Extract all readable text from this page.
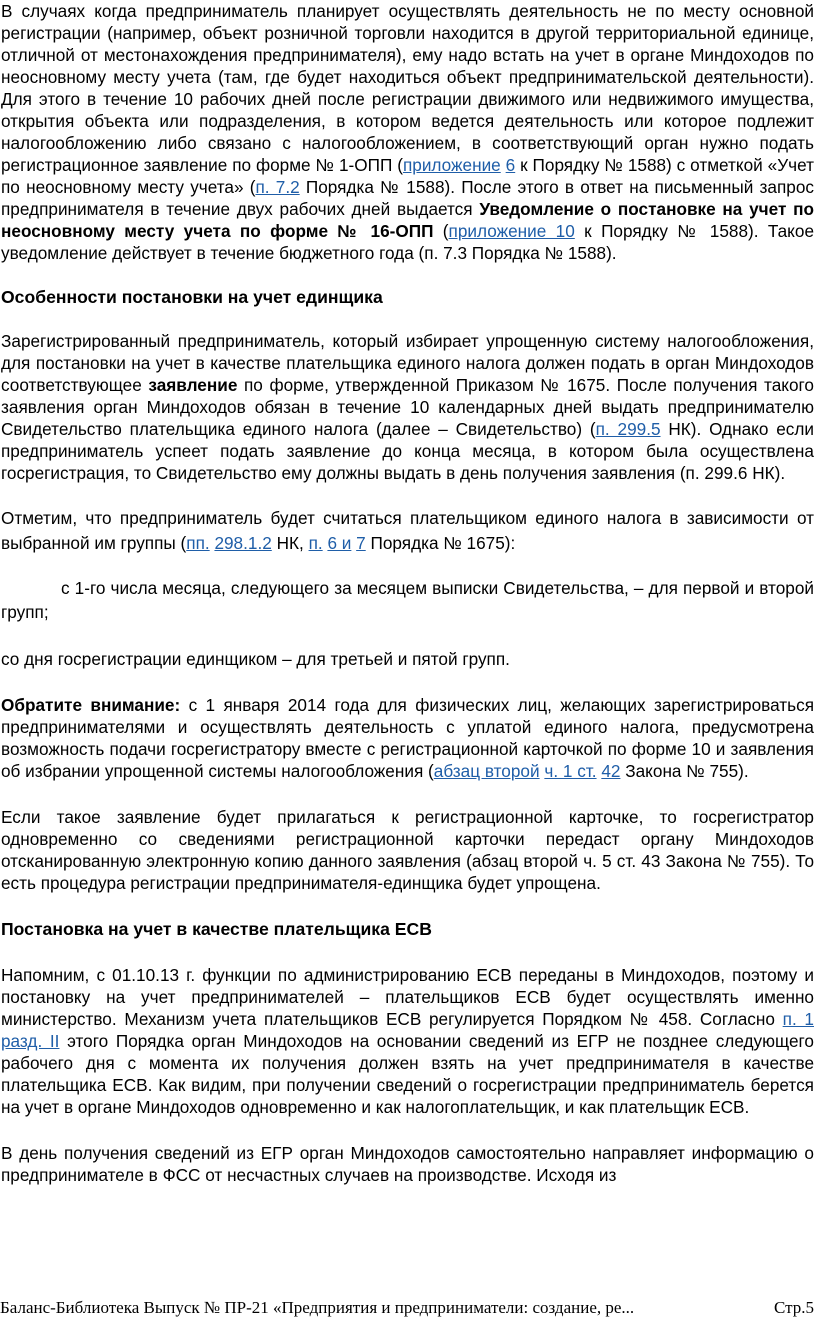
В случаях когда предприниматель планирует осуществлять деятельность не по месту основной регистрации (например, объект розничной торговли находится в другой территориальной единице, отличной от местонахождения предпринимателя), ему надо встать на учет в органе Миндоходов по неосновному месту учета (там, где будет находиться объект предпринимательской деятельности). Для этого в течение 10 рабочих дней после регистрации движимого или недвижимого имущества, открытия объекта или подразделения, в котором ведется деятельность или которое подлежит налогообложению либо связано с налогообложением, в соответствующий орган нужно подать регистрационное заявление по форме № 1-ОПП (приложение 6 к Порядку № 1588) с отметкой «Учет по неосновному месту учета» (п. 7.2 Порядка № 1588). После этого в ответ на письменный запрос предпринимателя в течение двух рабочих дней выдается Уведомление о постановке на учет по неосновному месту учета по форме № 16-ОПП (приложение 10 к Порядку № 1588). Такое уведомление действует в течение бюджетного года (п. 7.3 Порядка № 1588).

Особенности постановки на учет единщика

Зарегистрированный предприниматель, который избирает упрощенную систему налогообложения, для постановки на учет в качестве плательщика единого налога должен подать в орган Миндоходов соответствующее заявление по форме, утвержденной Приказом № 1675. После получения такого заявления орган Миндоходов обязан в течение 10 календарных дней выдать предпринимателю Свидетельство плательщика единого налога (далее – Свидетельство) (п. 299.5 НК). Однако если предприниматель успеет подать заявление до конца месяца, в котором была осуществлена госрегистрация, то Свидетельство ему должны выдать в день получения заявления (п. 299.6 НК).

Отметим, что предприниматель будет считаться плательщиком единого налога в зависимости от выбранной им группы (пп. 298.1.2 НК, п. 6 и 7 Порядка № 1675):

с 1-го числа месяца, следующего за месяцем выписки Свидетельства, – для первой и второй групп;

со дня госрегистрации единщиком – для третьей и пятой групп.

Обратите внимание: с 1 января 2014 года для физических лиц, желающих зарегистрироваться предпринимателями и осуществлять деятельность с уплатой единого налога, предусмотрена возможность подачи госрегистратору вместе с регистрационной карточкой по форме 10 и заявления об избрании упрощенной системы налогообложения (абзац второй ч. 1 ст. 42 Закона № 755).

Если такое заявление будет прилагаться к регистрационной карточке, то госрегистратор одновременно со сведениями регистрационной карточки передаст органу Миндоходов отсканированную электронную копию данного заявления (абзац второй ч. 5 ст. 43 Закона № 755). То есть процедура регистрации предпринимателя-единщика будет упрощена.

Постановка на учет в качестве плательщика ЕСВ

Напомним, с 01.10.13 г. функции по администрированию ЕСВ переданы в Миндоходов, поэтому и постановку на учет предпринимателей – плательщиков ЕСВ будет осуществлять именно министерство. Механизм учета плательщиков ЕСВ регулируется Порядком № 458. Согласно п. 1 разд. II этого Порядка орган Миндоходов на основании сведений из ЕГР не позднее следующего рабочего дня с момента их получения должен взять на учет предпринимателя в качестве плательщика ЕСВ. Как видим, при получении сведений о госрегистрации предприниматель берется на учет в органе Миндоходов одновременно и как налогоплательщик, и как плательщик ЕСВ.

В день получения сведений из ЕГР орган Миндоходов самостоятельно направляет информацию о предпринимателе в ФСС от несчастных случаев на производстве. Исходя из

Баланс-Библиотека Выпуск № ПР-21 «Предприятия и предприниматели: создание, ре...	Стр.5
